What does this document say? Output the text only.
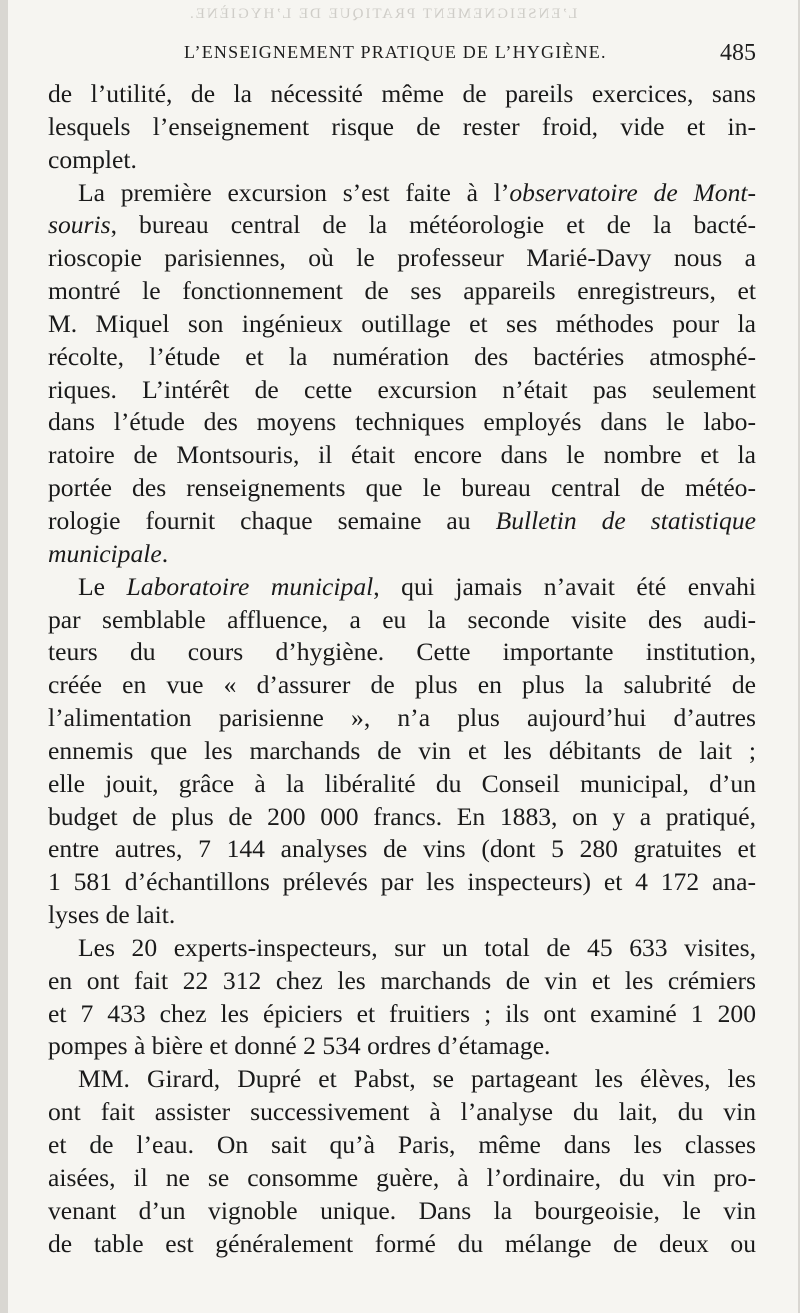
L’ENSEIGNEMENT PRATIQUE DE L’HYGIÈNE.
L’ENSEIGNEMENT PRATIQUE DE L’HYGIÈNE.	485
de l’utilité, de la nécessité même de pareils exercices, sans
lesquels l’enseignement risque de rester froid, vide et in-
complet.
La première excursion s’est faite à l’observatoire de Mont-
souris, bureau central de la météorologie et de la bacté-
rioscopie parisiennes, où le professeur Marié-Davy nous a
montré le fonctionnement de ses appareils enregistreurs, et
M. Miquel son ingénieux outillage et ses méthodes pour la
récolte, l’étude et la numération des bactéries atmosphé-
riques. L’intérêt de cette excursion n’était pas seulement
dans l’étude des moyens techniques employés dans le labo-
ratoire de Montsouris, il était encore dans le nombre et la
portée des renseignements que le bureau central de météo-
rologie fournit chaque semaine au Bulletin de statistique
municipale.
Le Laboratoire municipal, qui jamais n’avait été envahi
par semblable affluence, a eu la seconde visite des audi-
teurs du cours d’hygiène. Cette importante institution,
créée en vue « d’assurer de plus en plus la salubrité de
l’alimentation parisienne », n’a plus aujourd’hui d’autres
ennemis que les marchands de vin et les débitants de lait ;
elle jouit, grâce à la libéralité du Conseil municipal, d’un
budget de plus de 200 000 francs. En 1883, on y a pratiqué,
entre autres, 7 144 analyses de vins (dont 5 280 gratuites et
1 581 d’échantillons prélevés par les inspecteurs) et 4 172 ana-
lyses de lait.
Les 20 experts-inspecteurs, sur un total de 45 633 visites,
en ont fait 22 312 chez les marchands de vin et les crémiers
et 7 433 chez les épiciers et fruitiers ; ils ont examiné 1 200
pompes à bière et donné 2 534 ordres d’étamage.
MM. Girard, Dupré et Pabst, se partageant les élèves, les
ont fait assister successivement à l’analyse du lait, du vin
et de l’eau. On sait qu’à Paris, même dans les classes
aisées, il ne se consomme guère, à l’ordinaire, du vin pro-
venant d’un vignoble unique. Dans la bourgeoisie, le vin
de table est généralement formé du mélange de deux ou
